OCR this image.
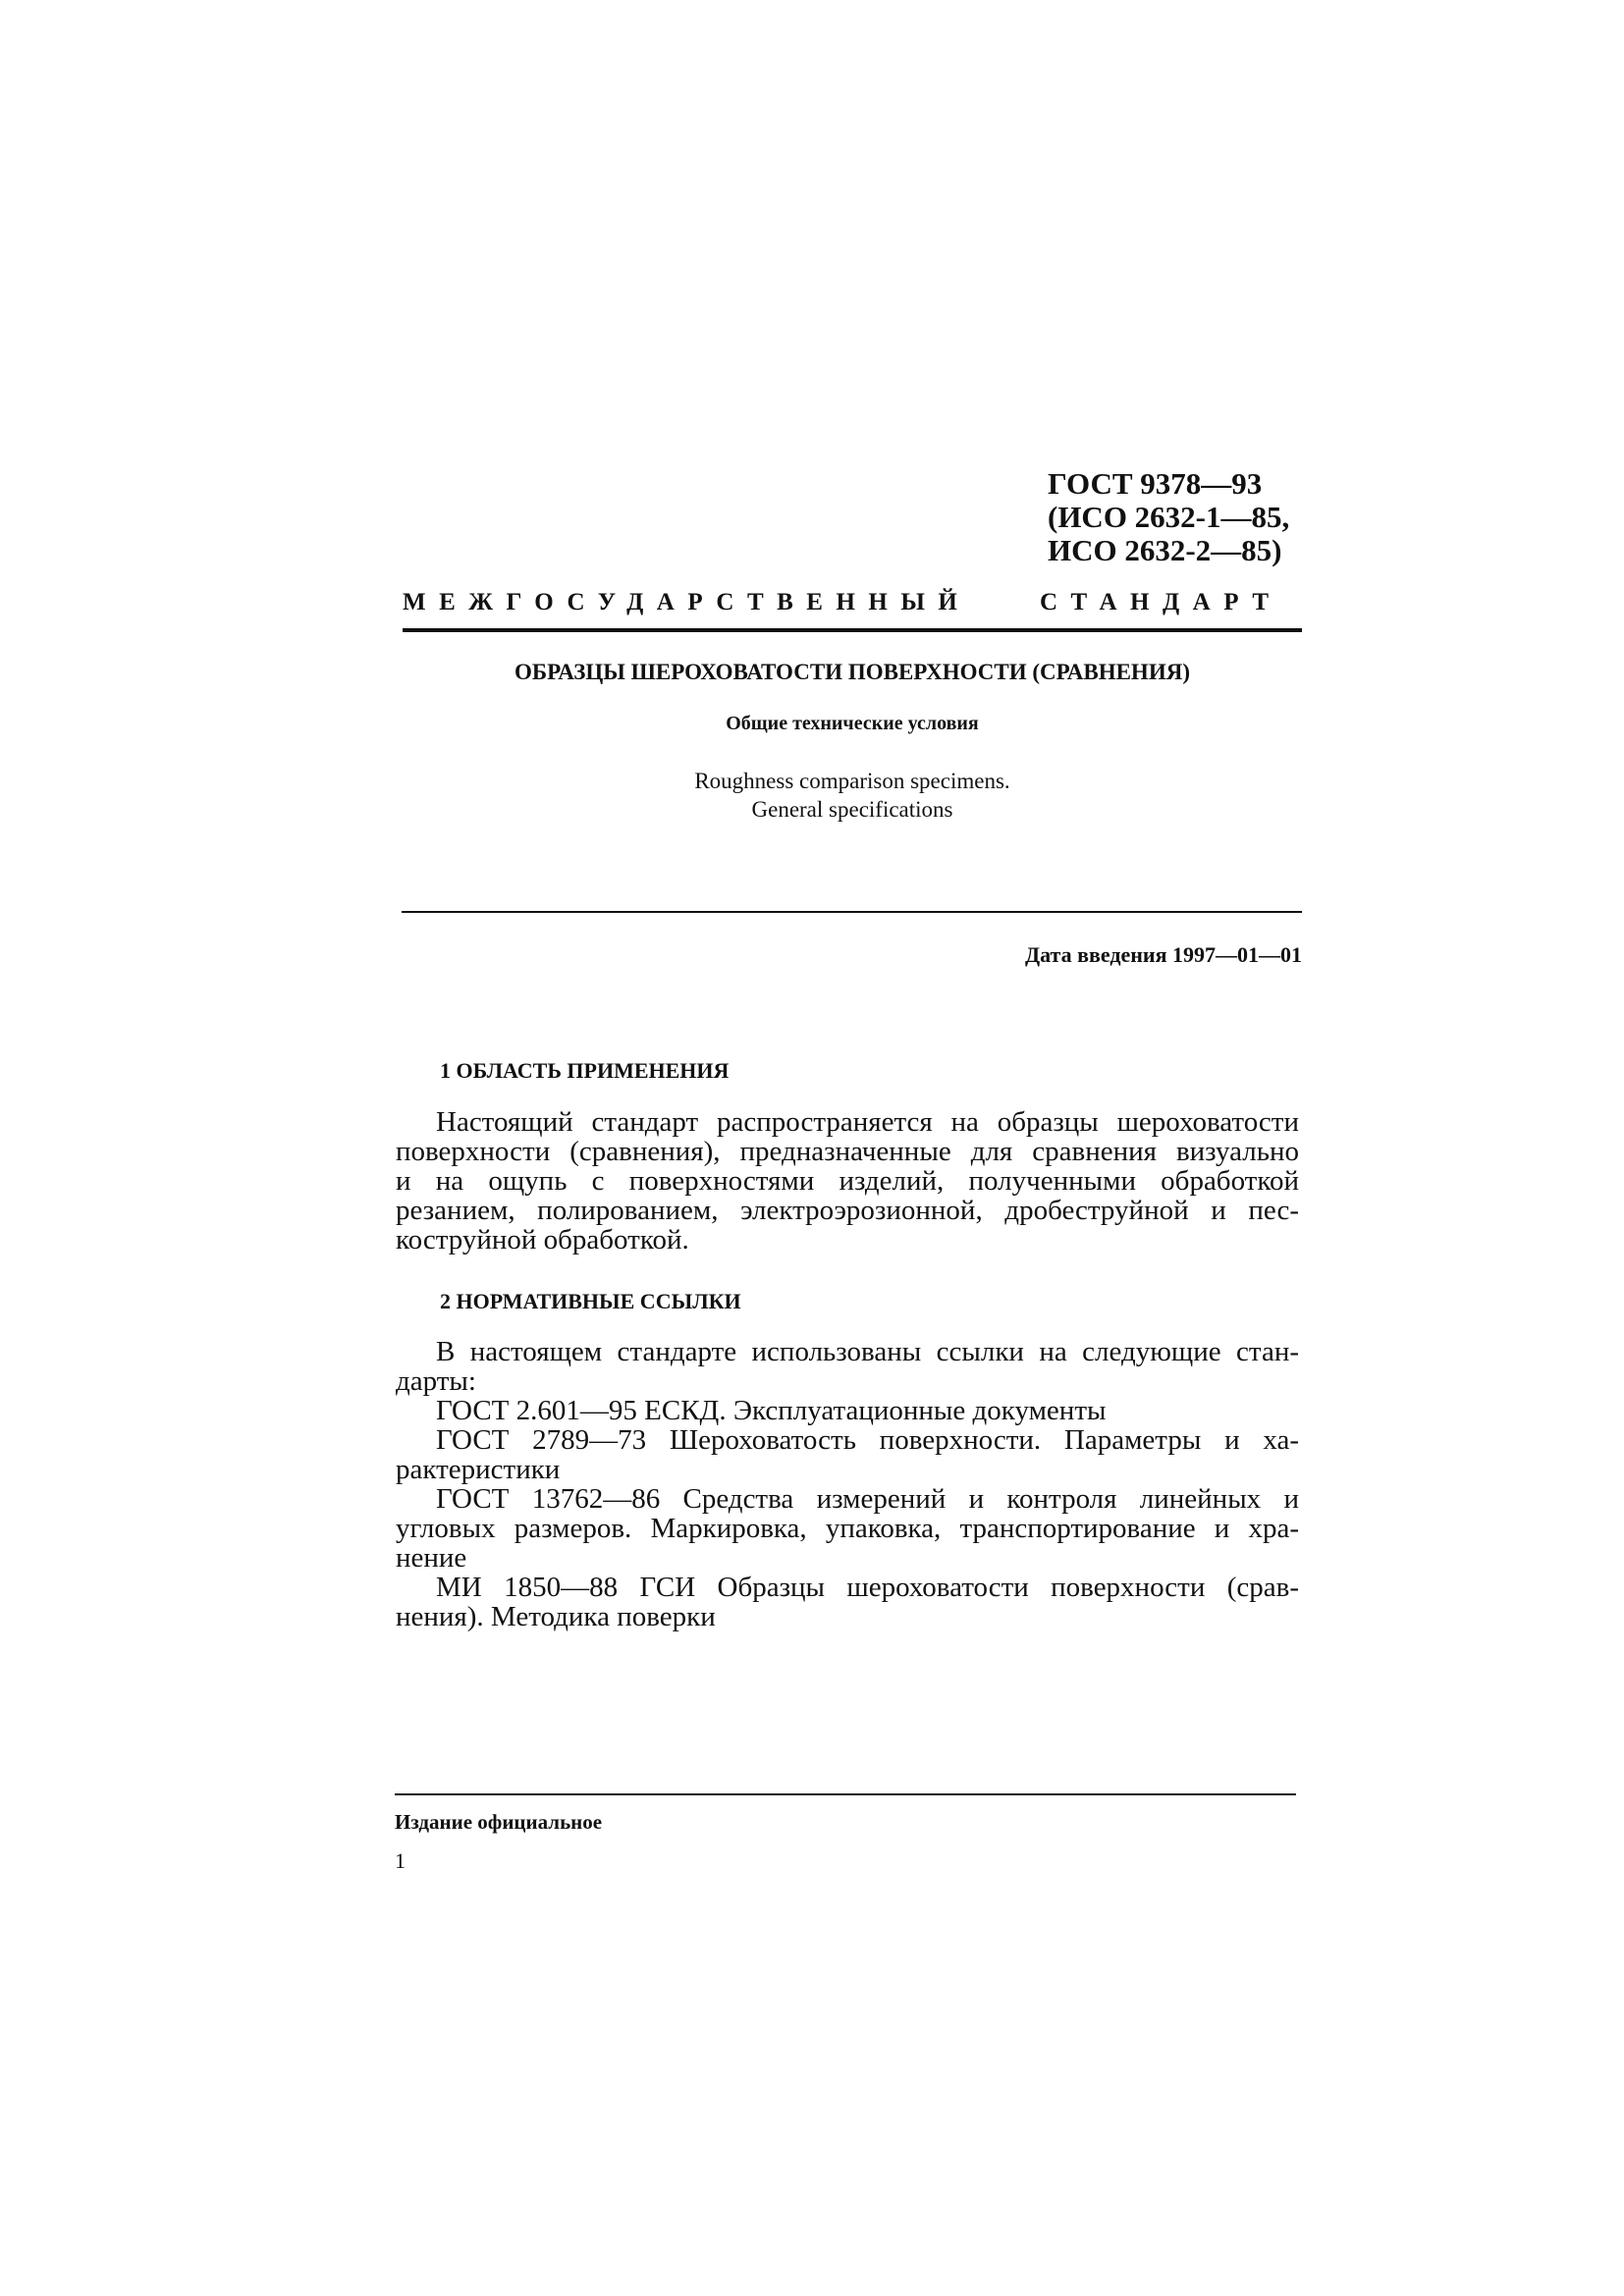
ГОСТ 9378—93
(ИСО 2632-1—85,
ИСО 2632-2—85)
МЕЖГОСУДАРСТВЕННЫЙ	СТАНДАРТ
ОБРАЗЦЫ ШЕРОХОВАТОСТИ ПОВЕРХНОСТИ (СРАВНЕНИЯ)
Общие технические условия
Roughness comparison specimens.
General specifications
Дата введения 1997—01—01
1 ОБЛАСТЬ ПРИМЕНЕНИЯ
Настоящий стандарт распространяется на образцы шероховатости
поверхности (сравнения), предназначенные для сравнения визуально
и на ощупь с поверхностями изделий, полученными обработкой
резанием, полированием, электроэрозионной, дробеструйной и пес-
коструйной обработкой.
2 НОРМАТИВНЫЕ ССЫЛКИ
В настоящем стандарте использованы ссылки на следующие стан-
дарты:
ГОСТ 2.601—95 ЕСКД. Эксплуатационные документы
ГОСТ 2789—73 Шероховатость поверхности. Параметры и ха-
рактеристики
ГОСТ 13762—86 Средства измерений и контроля линейных и
угловых размеров. Маркировка, упаковка, транспортирование и хра-
нение
МИ 1850—88 ГСИ Образцы шероховатости поверхности (срав-
нения). Методика поверки
Издание официальное
1
